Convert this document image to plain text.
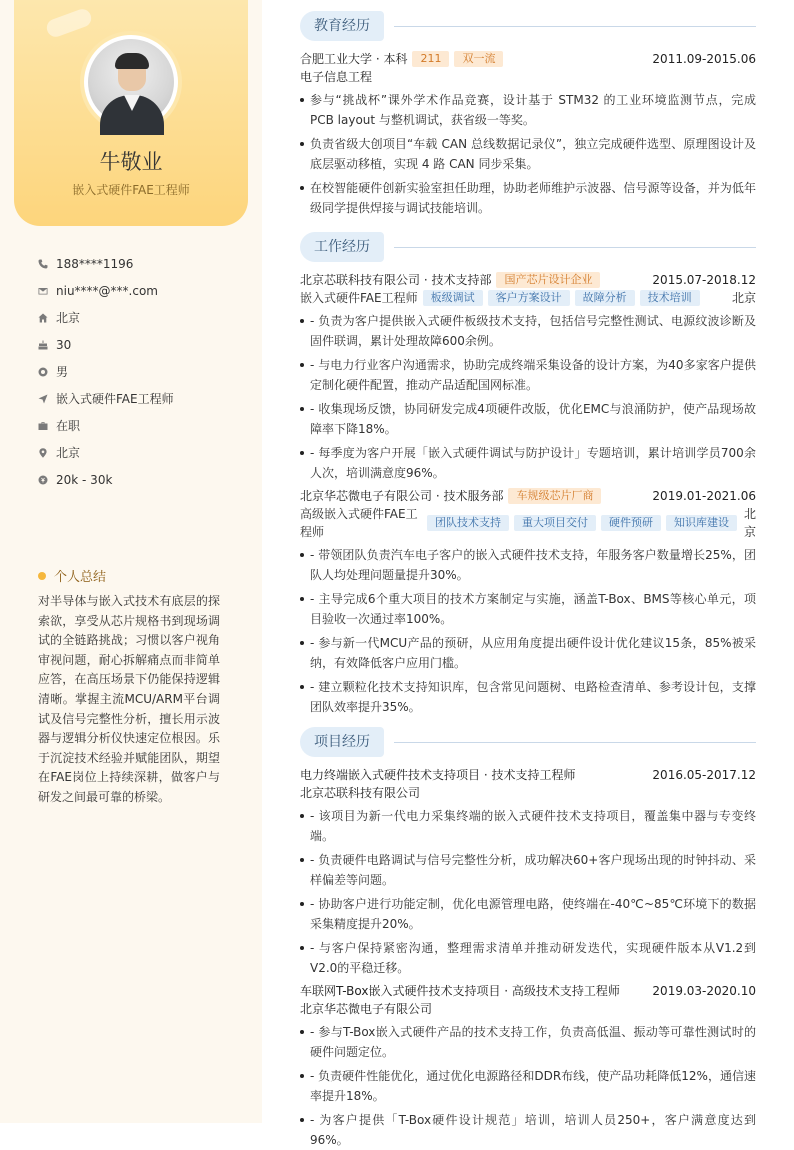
牛敬业
嵌入式硬件FAE工程师
188****1196
niu****@***.com
北京
30
男
嵌入式硬件FAE工程师
在职
北京
20k - 30k
个人总结
对半导体与嵌入式技术有底层的探索欲，享受从芯片规格书到现场调试的全链路挑战；习惯以客户视角审视问题，耐心拆解痛点而非简单应答，在高压场景下仍能保持逻辑清晰。掌握主流MCU/ARM平台调试及信号完整性分析，擅长用示波器与逻辑分析仪快速定位根因。乐于沉淀技术经验并赋能团队，期望在FAE岗位上持续深耕，做客户与研发之间最可靠的桥梁。
教育经历
合肥工业大学 · 本科	211	双一流	2011.09-2015.06
电子信息工程
参与“挑战杯”课外学术作品竞赛，设计基于 STM32 的工业环境监测节点，完成 PCB layout 与整机调试，获省级一等奖。
负责省级大创项目“车载 CAN 总线数据记录仪”，独立完成硬件选型、原理图设计及底层驱动移植，实现 4 路 CAN 同步采集。
在校智能硬件创新实验室担任助理，协助老师维护示波器、信号源等设备，并为低年级同学提供焊接与调试技能培训。
工作经历
北京芯联科技有限公司 · 技术支持部	国产芯片设计企业	2015.07-2018.12
嵌入式硬件FAE工程师	板级调试	客户方案设计	故障分析	技术培训	北京
- 负责为客户提供嵌入式硬件板级技术支持，包括信号完整性测试、电源纹波诊断及固件联调，累计处理故障600余例。
- 与电力行业客户沟通需求，协助完成终端采集设备的设计方案，为40多家客户提供定制化硬件配置，推动产品适配国网标准。
- 收集现场反馈，协同研发完成4项硬件改版，优化EMC与浪涌防护，使产品现场故障率下降18%。
- 每季度为客户开展「嵌入式硬件调试与防护设计」专题培训，累计培训学员700余人次，培训满意度96%。
北京华芯微电子有限公司 · 技术服务部	车规级芯片厂商	2019.01-2021.06
高级嵌入式硬件FAE工
程师
团队技术支持	重大项目交付	硬件预研	知识库建设
北
京
- 带领团队负责汽车电子客户的嵌入式硬件技术支持，年服务客户数量增长25%，团队人均处理问题量提升30%。
- 主导完成6个重大项目的技术方案制定与实施，涵盖T-Box、BMS等核心单元，项目验收一次通过率100%。
- 参与新一代MCU产品的预研，从应用角度提出硬件设计优化建议15条，85%被采纳，有效降低客户应用门槛。
- 建立颗粒化技术支持知识库，包含常见问题树、电路检查清单、参考设计包，支撑团队效率提升35%。
项目经历
电力终端嵌入式硬件技术支持项目 · 技术支持工程师	2016.05-2017.12
北京芯联科技有限公司
- 该项目为新一代电力采集终端的嵌入式硬件技术支持项目，覆盖集中器与专变终端。
- 负责硬件电路调试与信号完整性分析，成功解决60+客户现场出现的时钟抖动、采样偏差等问题。
- 协助客户进行功能定制，优化电源管理电路，使终端在-40℃~85℃环境下的数据采集精度提升20%。
- 与客户保持紧密沟通，整理需求清单并推动研发迭代，实现硬件版本从V1.2到V2.0的平稳迁移。
车联网T-Box嵌入式硬件技术支持项目 · 高级技术支持工程师	2019.03-2020.10
北京华芯微电子有限公司
- 参与T-Box嵌入式硬件产品的技术支持工作，负责高低温、振动等可靠性测试时的硬件问题定位。
- 负责硬件性能优化，通过优化电源路径和DDR布线，使产品功耗降低12%，通信速率提升18%。
- 为客户提供「T-Box硬件设计规范」培训，培训人员250+，客户满意度达到96%。
